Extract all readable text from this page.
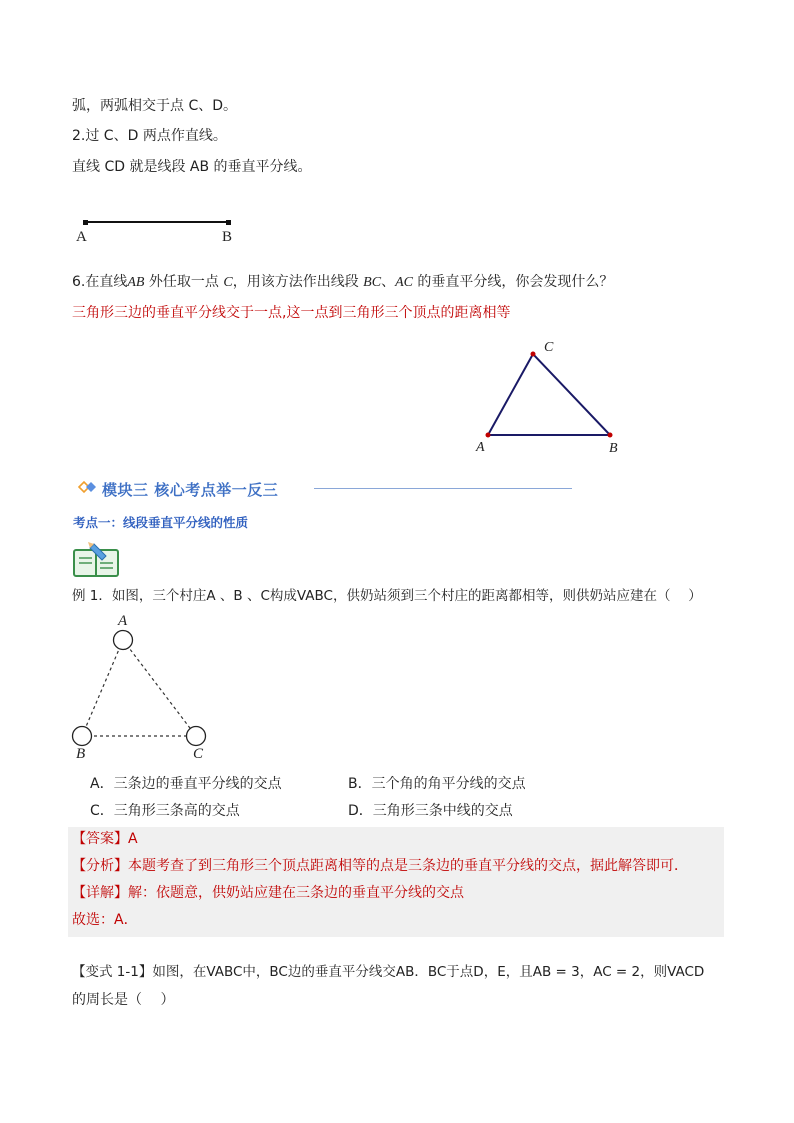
弧，两弧相交于点 C、D。
2.过 C、D 两点作直线。
直线 CD 就是线段 AB 的垂直平分线。
A	B
6.在直线AB 外任取一点 C，用该方法作出线段 BC、AC 的垂直平分线，你会发现什么？
三角形三边的垂直平分线交于一点,这一点到三角形三个顶点的距离相等
C
A	B
模块三 核心考点举一反三
考点一：线段垂直平分线的性质
例 1．如图，三个村庄A 、B 、C构成VABC，供奶站须到三个村庄的距离都相等，则供奶站应建在（　 ）
A
B	C
A．三条边的垂直平分线的交点	B．三个角的角平分线的交点
C．三角形三条高的交点	D．三角形三条中线的交点
【答案】A
【分析】本题考查了到三角形三个顶点距离相等的点是三条边的垂直平分线的交点，据此解答即可．
【详解】解：依题意，供奶站应建在三条边的垂直平分线的交点
故选：A．
【变式 1-1】如图，在VABC中，BC边的垂直平分线交AB．BC于点D，E，且AB = 3，AC = 2，则VACD
的周长是（　 ）
